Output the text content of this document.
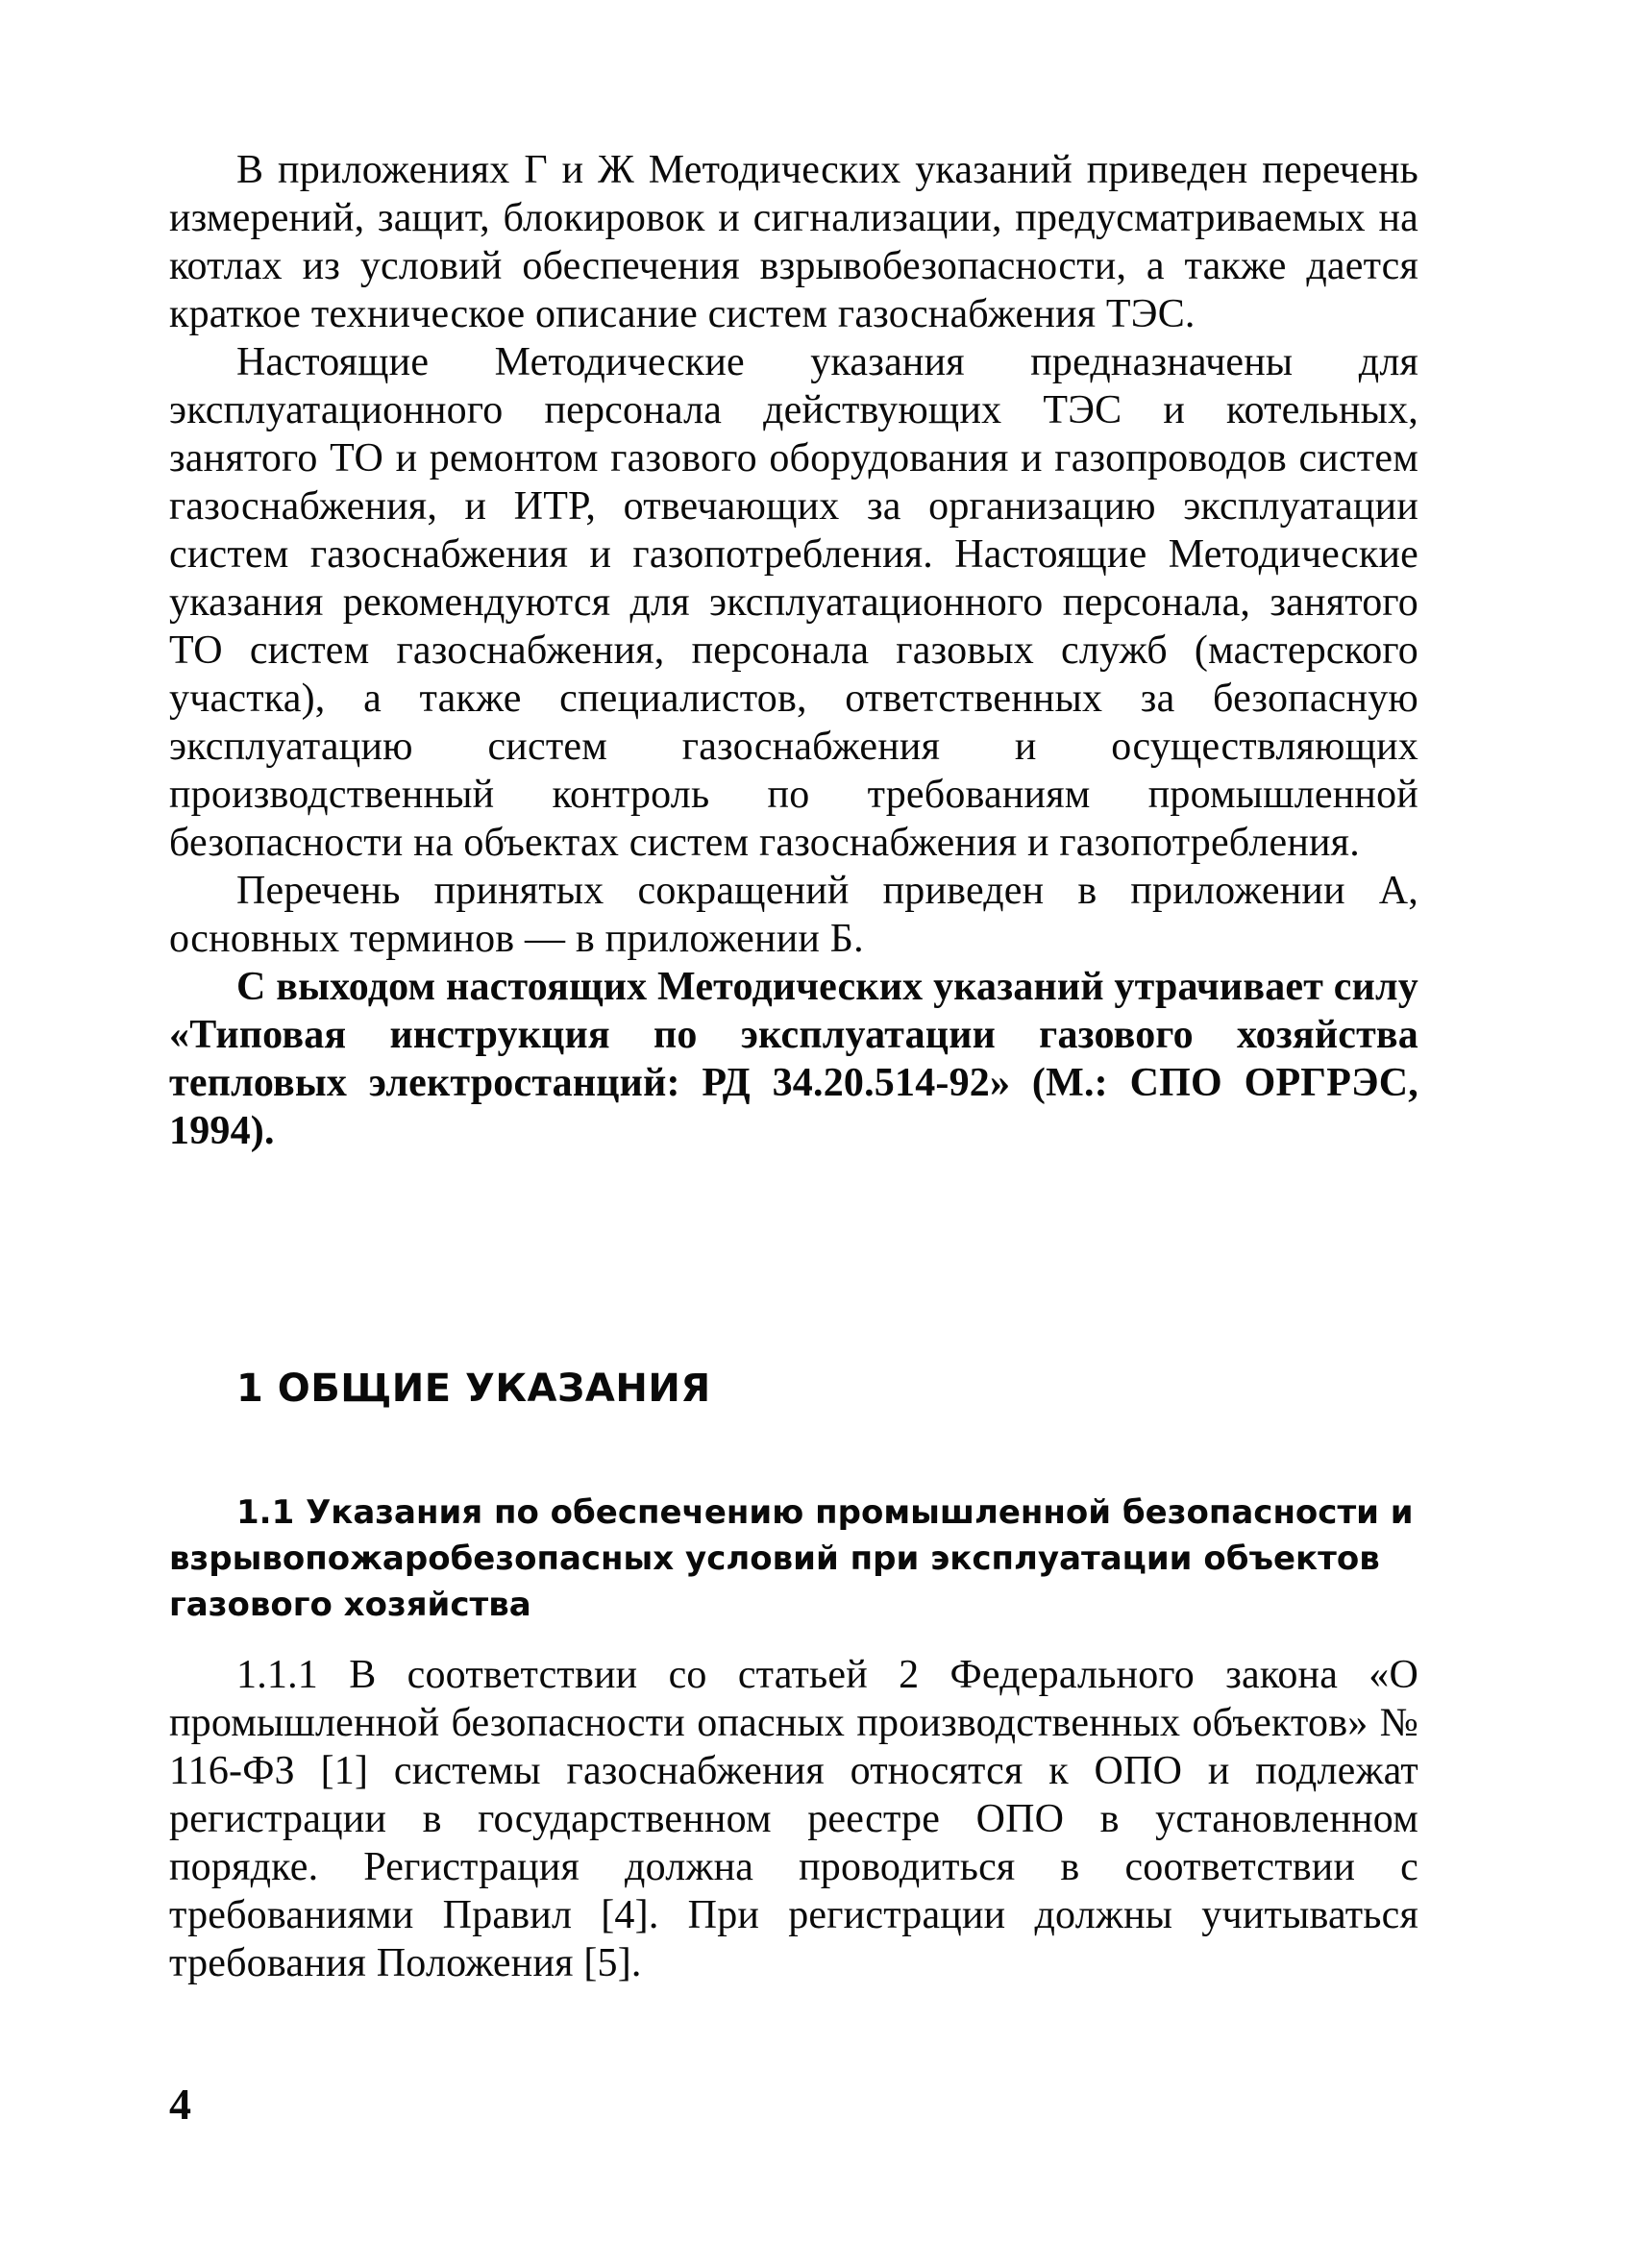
В приложениях Г и Ж Методических указаний приведен перечень измерений, защит, блокировок и сигнализации, предусматриваемых на котлах из условий обеспечения взрывобезопасности, а также дается краткое техническое описание систем газоснабжения ТЭС.

Настоящие Методические указания предназначены для эксплуатационного персонала действующих ТЭС и котельных, занятого ТО и ремонтом газового оборудования и газопроводов систем газоснабжения, и ИТР, отвечающих за организацию эксплуатации систем газоснабжения и газопотребления. Настоящие Методические указания рекомендуются для эксплуатационного персонала, занятого ТО систем газоснабжения, персонала газовых служб (мастерского участка), а также специалистов, ответственных за безопасную эксплуатацию систем газоснабжения и осуществляющих производственный контроль по требованиям промышленной безопасности на объектах систем газоснабжения и газопотребления.

Перечень принятых сокращений приведен в приложении А, основных терминов — в приложении Б.

С выходом настоящих Методических указаний утрачивает силу «Типовая инструкция по эксплуатации газового хозяйства тепловых электростанций: РД 34.20.514-92» (М.: СПО ОРГРЭС, 1994).

1 ОБЩИЕ УКАЗАНИЯ
1.1 Указания по обеспечению промышленной безопасности и взрывопожаробезопасных условий при эксплуатации объектов газового хозяйства

1.1.1 В соответствии со статьей 2 Федерального закона «О промышленной безопасности опасных производственных объектов» № 116-ФЗ [1] системы газоснабжения относятся к ОПО и подлежат регистрации в государственном реестре ОПО в установленном порядке. Регистрация должна проводиться в соответствии с требованиями Правил [4]. При регистрации должны учитываться требования Положения [5].

4
